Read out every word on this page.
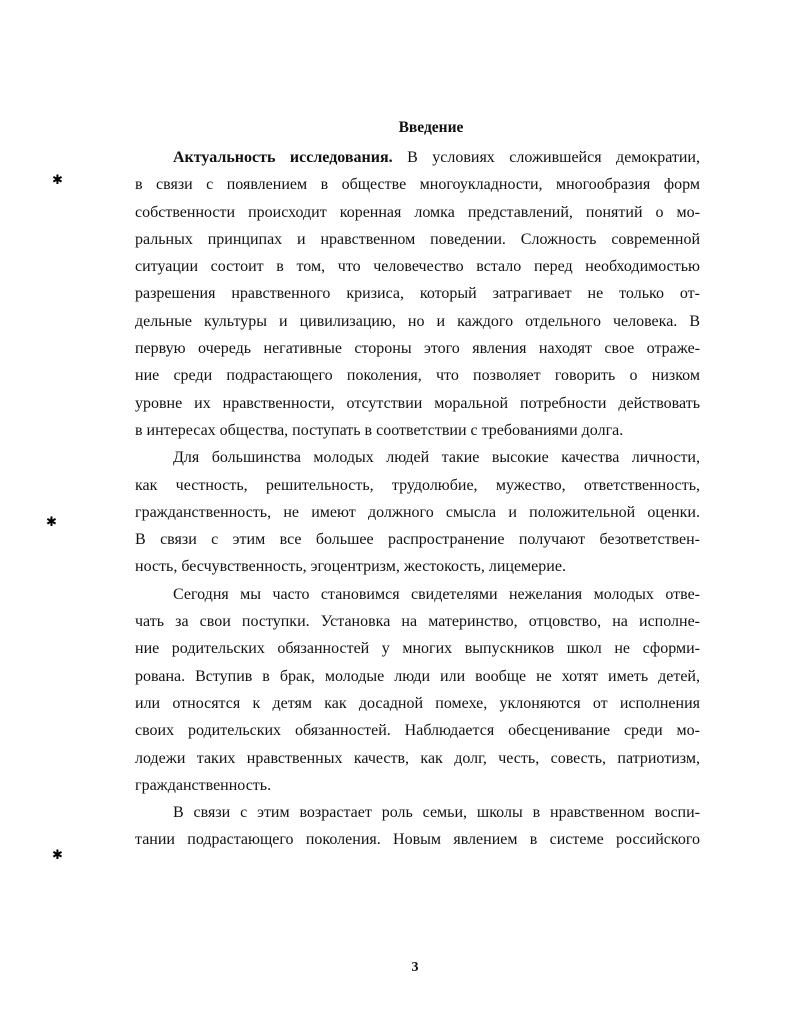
✱
✱
✱
Введение
Актуальность исследования. В условиях сложившейся демократии,
в связи с появлением в обществе многоукладности, многообразия форм
собственности происходит коренная ломка представлений, понятий о мо-
ральных принципах и нравственном поведении. Сложность современной
ситуации состоит в том, что человечество встало перед необходимостью
разрешения нравственного кризиса, который затрагивает не только от-
дельные культуры и цивилизацию, но и каждого отдельного человека. В
первую очередь негативные стороны этого явления находят свое отраже-
ние среди подрастающего поколения, что позволяет говорить о низком
уровне их нравственности, отсутствии моральной потребности действовать
в интересах общества, поступать в соответствии с требованиями долга.
Для большинства молодых людей такие высокие качества личности,
как честность, решительность, трудолюбие, мужество, ответственность,
гражданственность, не имеют должного смысла и положительной оценки.
В связи с этим все большее распространение получают безответствен-
ность, бесчувственность, эгоцентризм, жестокость, лицемерие.
Сегодня мы часто становимся свидетелями нежелания молодых отве-
чать за свои поступки. Установка на материнство, отцовство, на исполне-
ние родительских обязанностей у многих выпускников школ не сформи-
рована. Вступив в брак, молодые люди или вообще не хотят иметь детей,
или относятся к детям как досадной помехе, уклоняются от исполнения
своих родительских обязанностей. Наблюдается обесценивание среди мо-
лодежи таких нравственных качеств, как долг, честь, совесть, патриотизм,
гражданственность.
В связи с этим возрастает роль семьи, школы в нравственном воспи-
тании подрастающего поколения. Новым явлением в системе российского
3
